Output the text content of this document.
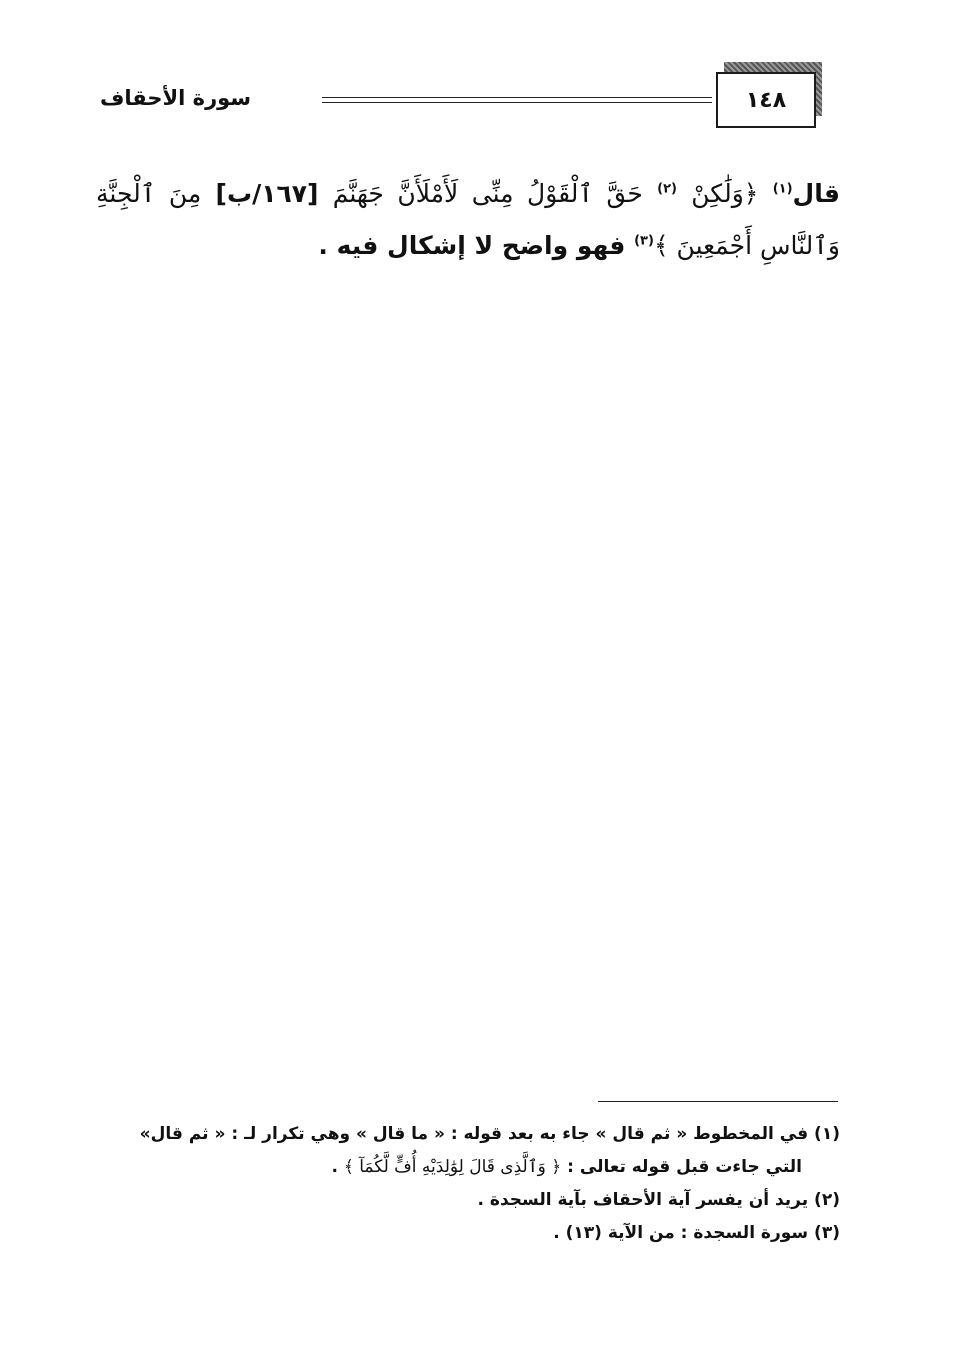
١٤٨
سورة الأحقاف
قال$^{(١)}$ ﴿وَلَٰكِنْ $^{(٢)}$ حَقَّ ٱلْقَوْلُ مِنِّى لَأَمْلَأَنَّ جَهَنَّمَ [١٦٧/ب] مِنَ ٱلْجِنَّةِ وَٱلنَّاسِ أَجْمَعِينَ ﴾$^{(٣)}$ فهو واضح لا إشكال فيه .

(١) في المخطوط « ثم قال » جاء به بعد قوله : « ما قال » وهي تكرار لـ : « ثم قال»

التي جاءت قبل قوله تعالى : ﴿ وَٱلَّذِى قَالَ لِوَٰلِدَيْهِ أُفٍّ لَّكُمَآ ﴾ .

(٢) يريد أن يفسر آية الأحقاف بآية السجدة .

(٣) سورة السجدة : من الآية (١٣) .
